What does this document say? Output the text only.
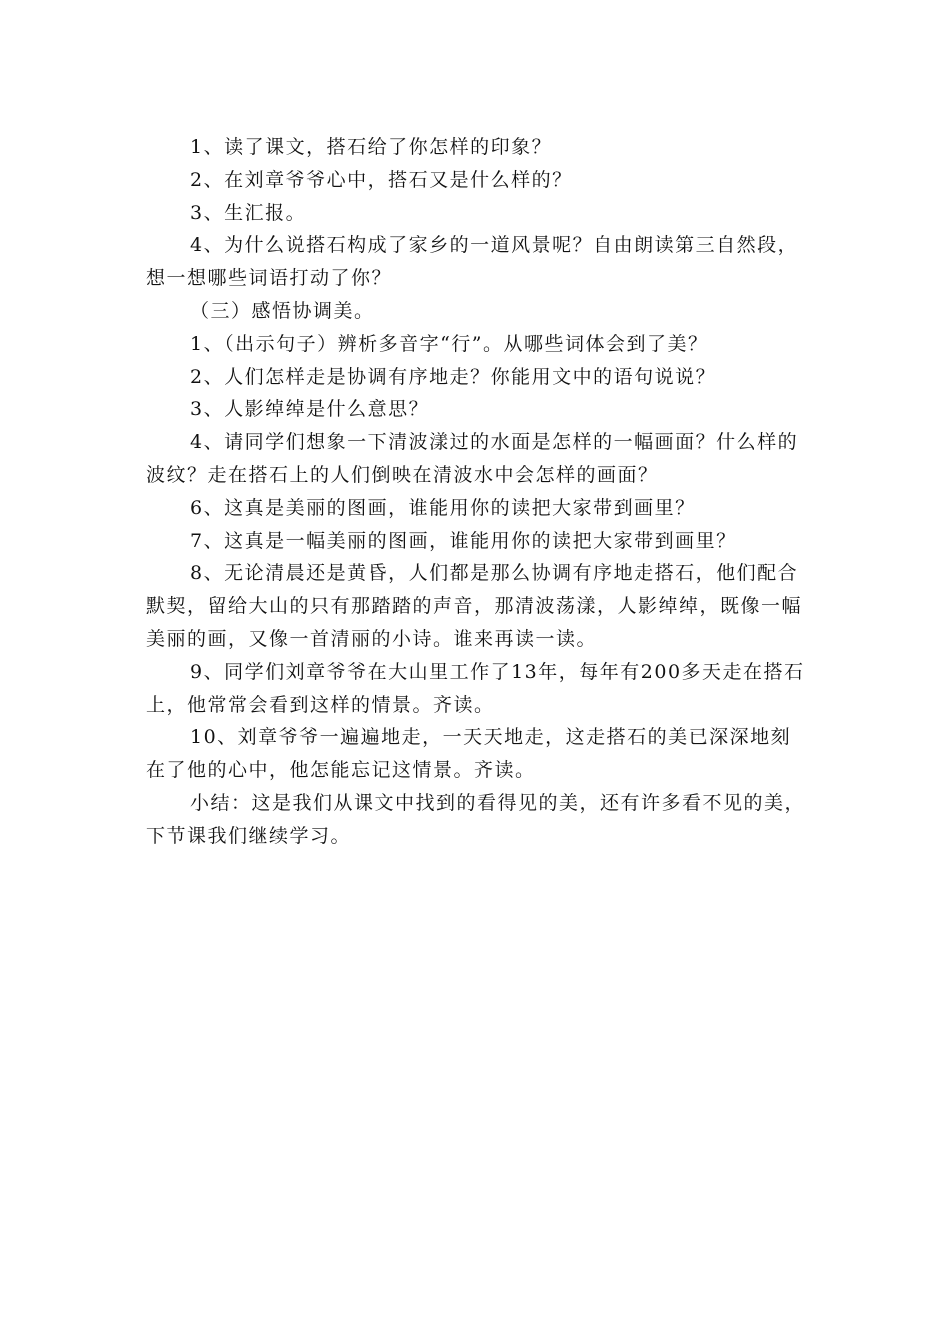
1、读了课文，搭石给了你怎样的印象？

2、在刘章爷爷心中，搭石又是什么样的？

3、生汇报。

4、为什么说搭石构成了家乡的一道风景呢？自由朗读第三自然段，想一想哪些词语打动了你？

（三）感悟协调美。

1、（出示句子）辨析多音字“行”。从哪些词体会到了美？

2、人们怎样走是协调有序地走？你能用文中的语句说说？

3、人影绰绰是什么意思？

4、请同学们想象一下清波漾过的水面是怎样的一幅画面？什么样的波纹？走在搭石上的人们倒映在清波水中会怎样的画面？

6、这真是美丽的图画，谁能用你的读把大家带到画里？

7、这真是一幅美丽的图画，谁能用你的读把大家带到画里？

8、无论清晨还是黄昏，人们都是那么协调有序地走搭石，他们配合默契，留给大山的只有那踏踏的声音，那清波荡漾，人影绰绰，既像一幅美丽的画，又像一首清丽的小诗。谁来再读一读。

9、同学们刘章爷爷在大山里工作了13年，每年有200多天走在搭石上，他常常会看到这样的情景。齐读。

10、刘章爷爷一遍遍地走，一天天地走，这走搭石的美已深深地刻在了他的心中，他怎能忘记这情景。齐读。

小结：这是我们从课文中找到的看得见的美，还有许多看不见的美，下节课我们继续学习。
